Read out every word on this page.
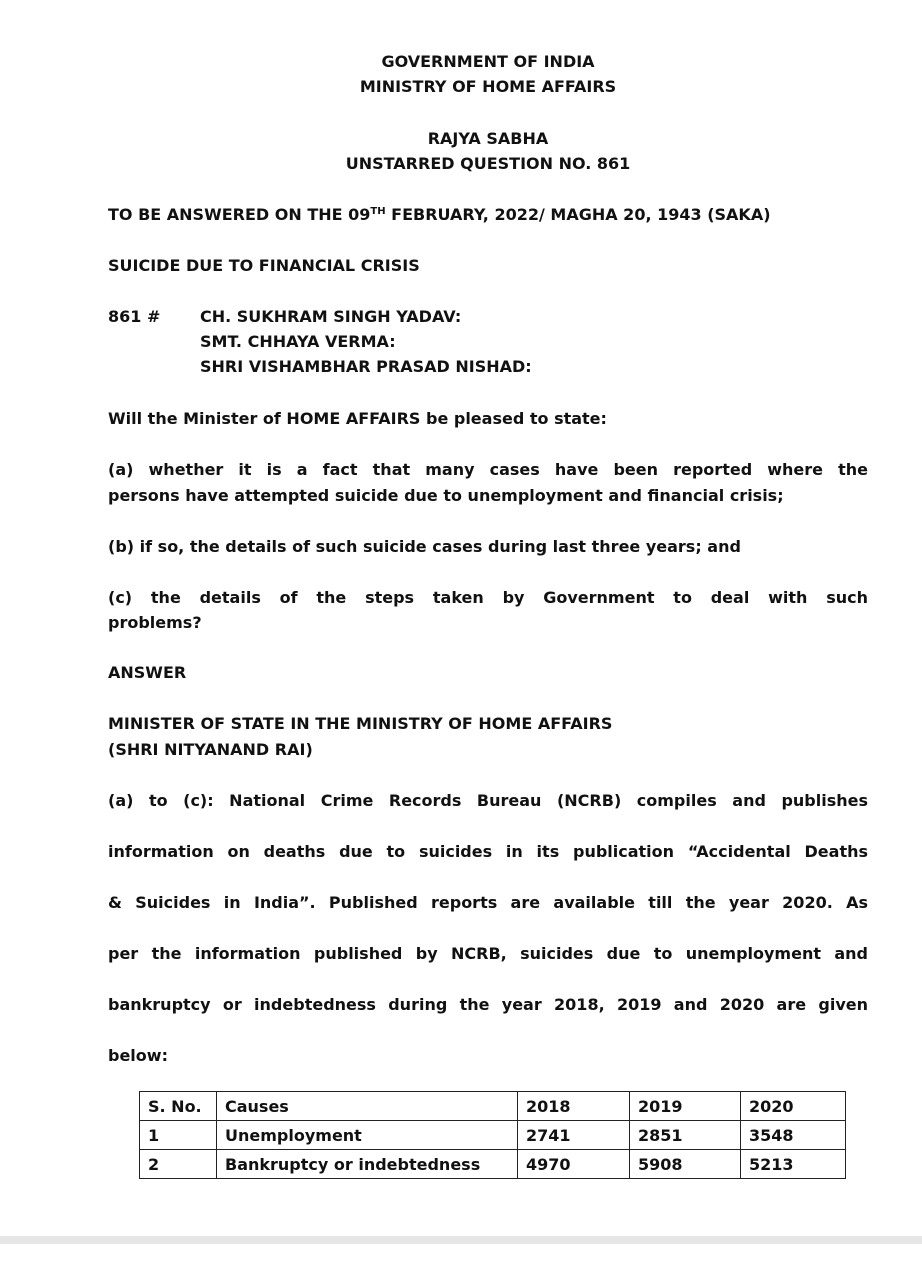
GOVERNMENT OF INDIA
MINISTRY OF HOME AFFAIRS
RAJYA SABHA
UNSTARRED QUESTION NO. 861
TO BE ANSWERED ON THE 09TH FEBRUARY, 2022/ MAGHA 20, 1943 (SAKA)
SUICIDE DUE TO FINANCIAL CRISIS
861 # CH. SUKHRAM SINGH YADAV:
SMT. CHHAYA VERMA:
SHRI VISHAMBHAR PRASAD NISHAD:
Will the Minister of HOME AFFAIRS be pleased to state:
(a) whether it is a fact that many cases have been reported where the
persons have attempted suicide due to unemployment and financial crisis;
(b) if so, the details of such suicide cases during last three years; and
(c) the details of the steps taken by Government to deal with such
problems?
ANSWER
MINISTER OF STATE IN THE MINISTRY OF HOME AFFAIRS
(SHRI NITYANAND RAI)
(a) to (c): National Crime Records Bureau (NCRB) compiles and publishes
information on deaths due to suicides in its publication “Accidental Deaths
& Suicides in India”. Published reports are available till the year 2020. As
per the information published by NCRB, suicides due to unemployment and
bankruptcy or indebtedness during the year 2018, 2019 and 2020 are given
below:
S. No.	Causes	2018	2019	2020
1	Unemployment	2741	2851	3548
2	Bankruptcy or indebtedness	4970	5908	5213
